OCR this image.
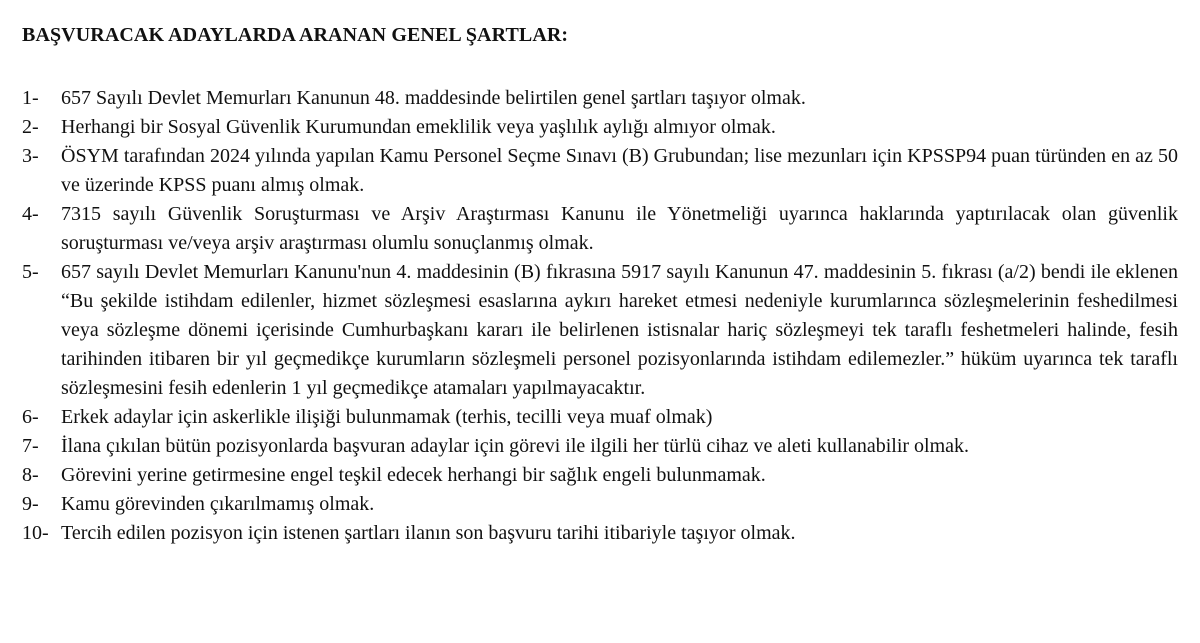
BAŞVURACAK ADAYLARDA ARANAN GENEL ŞARTLAR:
1-	657 Sayılı Devlet Memurları Kanunun 48. maddesinde belirtilen genel şartları taşıyor olmak.
2-	Herhangi bir Sosyal Güvenlik Kurumundan emeklilik veya yaşlılık aylığı almıyor olmak.
3-	ÖSYM tarafından 2024 yılında yapılan Kamu Personel Seçme Sınavı (B) Grubundan; lise mezunları için KPSSP94 puan türünden en az 50 ve üzerinde KPSS puanı almış olmak.
4-	7315 sayılı Güvenlik Soruşturması ve Arşiv Araştırması Kanunu ile Yönetmeliği uyarınca haklarında yaptırılacak olan güvenlik soruşturması ve/veya arşiv araştırması olumlu sonuçlanmış olmak.
5-	657 sayılı Devlet Memurları Kanunu'nun 4. maddesinin (B) fıkrasına 5917 sayılı Kanunun 47. maddesinin 5. fıkrası (a/2) bendi ile eklenen “Bu şekilde istihdam edilenler, hizmet sözleşmesi esaslarına aykırı hareket etmesi nedeniyle kurumlarınca sözleşmelerinin feshedilmesi veya sözleşme dönemi içerisinde Cumhurbaşkanı kararı ile belirlenen istisnalar hariç sözleşmeyi tek taraflı feshetmeleri halinde, fesih tarihinden itibaren bir yıl geçmedikçe kurumların sözleşmeli personel pozisyonlarında istihdam edilemezler.” hüküm uyarınca tek taraflı sözleşmesini fesih edenlerin 1 yıl geçmedikçe atamaları yapılmayacaktır.
6-	Erkek adaylar için askerlikle ilişiği bulunmamak (terhis, tecilli veya muaf olmak)
7-	İlana çıkılan bütün pozisyonlarda başvuran adaylar için görevi ile ilgili her türlü cihaz ve aleti kullanabilir olmak.
8-	Görevini yerine getirmesine engel teşkil edecek herhangi bir sağlık engeli bulunmamak.
9-	Kamu görevinden çıkarılmamış olmak.
10- Tercih edilen pozisyon için istenen şartları ilanın son başvuru tarihi itibariyle taşıyor olmak.
